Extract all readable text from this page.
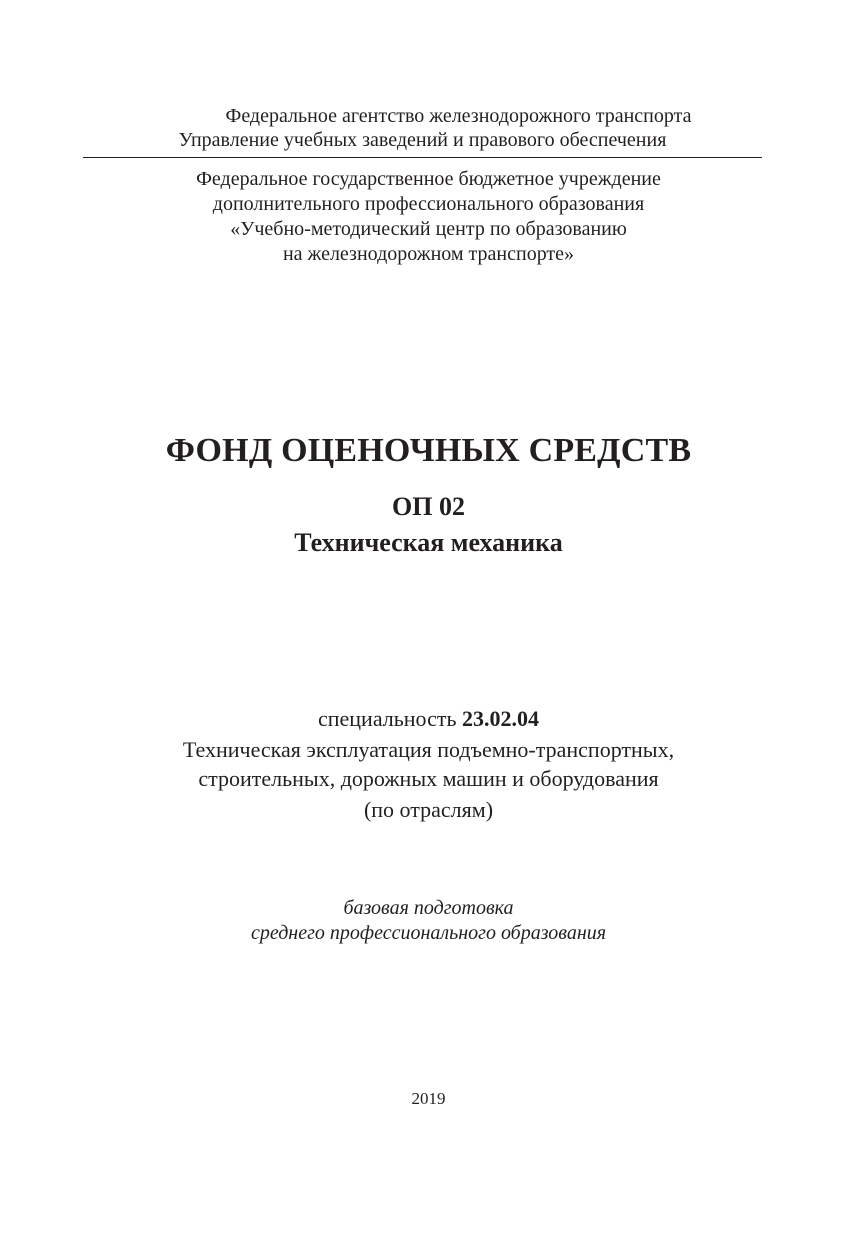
Федеральное агентство железнодорожного транспорта
Управление учебных заведений и правового обеспечения
Федеральное государственное бюджетное учреждение
дополнительного профессионального образования
«Учебно-методический центр по образованию
на железнодорожном транспорте»
ФОНД ОЦЕНОЧНЫХ СРЕДСТВ
ОП 02
Техническая механика
специальность 23.02.04
Техническая эксплуатация подъемно-транспортных,
строительных, дорожных машин и оборудования
(по отраслям)
базовая подготовка
среднего профессионального образования
2019
